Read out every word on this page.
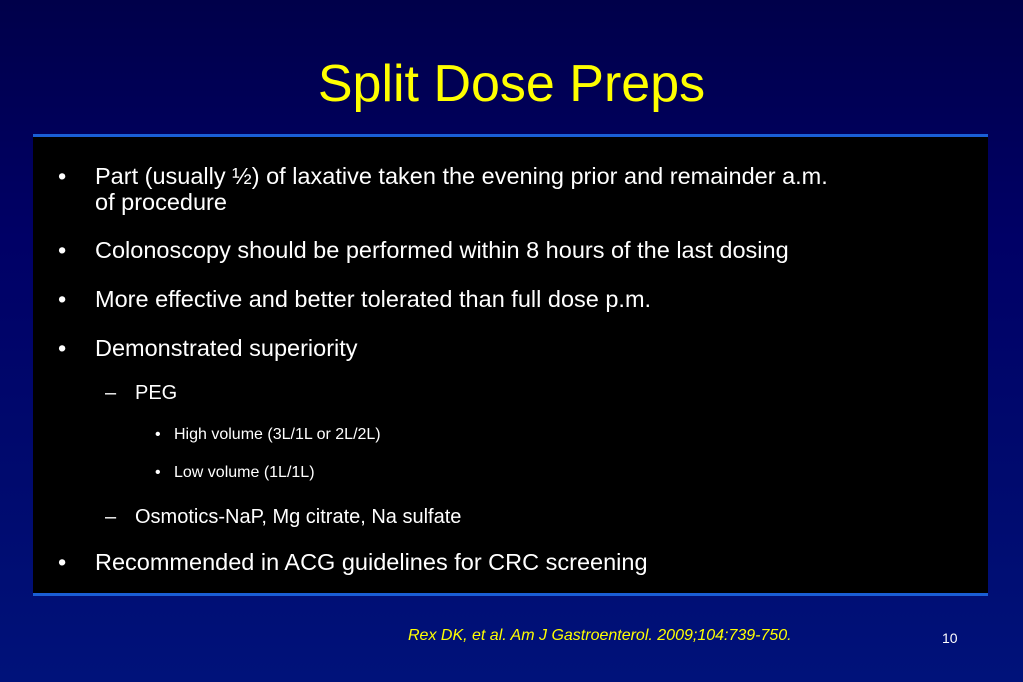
Split Dose Preps
• Part (usually ½) of laxative taken the evening prior and remainder a.m.
of procedure
• Colonoscopy should be performed within 8 hours of the last dosing
• More effective and better tolerated than full dose p.m.
• Demonstrated superiority
– PEG
• High volume (3L/1L or 2L/2L)
• Low volume (1L/1L)
– Osmotics-NaP, Mg citrate, Na sulfate
• Recommended in ACG guidelines for CRC screening
Rex DK, et al. Am J Gastroenterol. 2009;104:739-750.	10
